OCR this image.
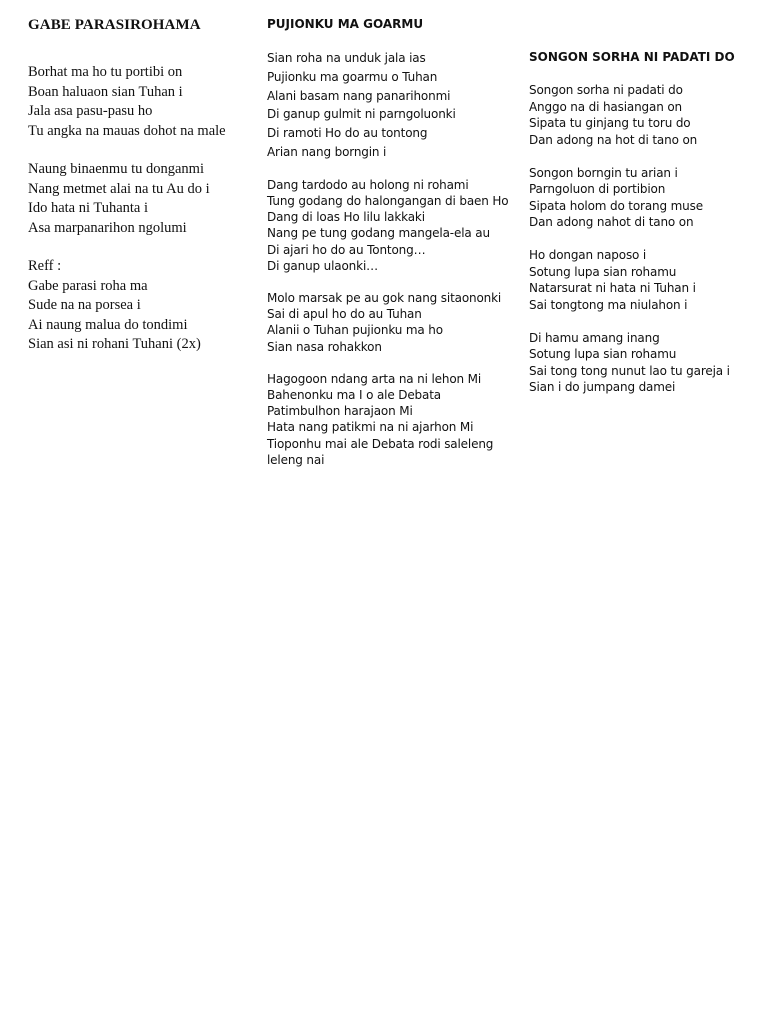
GABE PARASIROHAMA
Borhat ma ho tu portibi on
Boan haluaon sian Tuhan i
Jala asa pasu-pasu ho
Tu angka na mauas dohot na male
Naung binaenmu tu donganmi
Nang metmet alai na tu Au do i
Ido hata ni Tuhanta i
Asa marpanarihon ngolumi
Reff :
Gabe parasi roha ma
Sude na na porsea i
Ai naung malua do tondimi
Sian asi ni rohani Tuhani (2x)
PUJIONKU MA GOARMU
Sian roha na unduk jala ias
Pujionku ma goarmu o Tuhan
Alani basam nang panarihonmi
Di ganup gulmit ni parngoluonki
Di ramoti Ho do au tontong
Arian nang borngin i
Dang tardodo au holong ni rohami
Tung godang do halongangan di baen Ho
Dang di loas Ho lilu lakkaki
Nang pe tung godang mangela-ela au
Di ajari ho do au Tontong…
Di ganup ulaonki…
Molo marsak pe au gok nang sitaononki
Sai di apul ho do au Tuhan
Alanii o Tuhan pujionku ma ho
Sian nasa rohakkon
Hagogoon ndang arta na ni lehon Mi
Bahenonku ma I o ale Debata
Patimbulhon harajaon Mi
Hata nang patikmi na ni ajarhon Mi
Tioponhu mai ale Debata rodi saleleng
leleng nai
SONGON SORHA NI PADATI DO
Songon sorha ni padati do
Anggo na di hasiangan on
Sipata tu ginjang tu toru do
Dan adong na hot di tano on
Songon borngin tu arian i
Parngoluon di portibion
Sipata holom do torang muse
Dan adong nahot di tano on
Ho dongan naposo i
Sotung lupa sian rohamu
Natarsurat ni hata ni Tuhan i
Sai tongtong ma niulahon i
Di hamu amang inang
Sotung lupa sian rohamu
Sai tong tong nunut lao tu gareja i
Sian i do jumpang damei
